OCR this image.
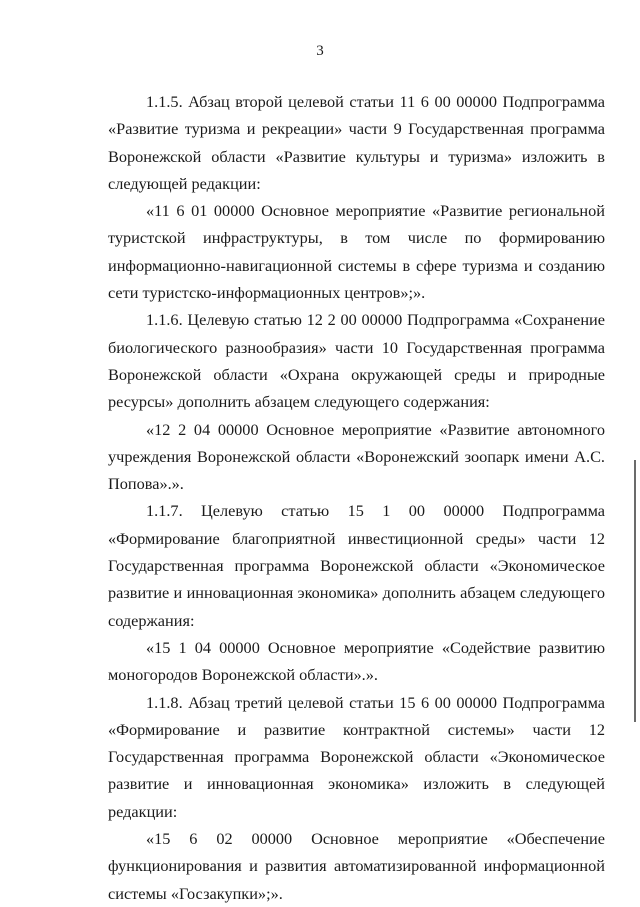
3

1.1.5. Абзац второй целевой статьи 11 6 00 00000 Подпрограмма «Развитие туризма и рекреации» части 9 Государственная программа Воронежской области «Развитие культуры и туризма» изложить в следующей редакции:

«11 6 01 00000 Основное мероприятие «Развитие региональной туристской инфраструктуры, в том числе по формированию информационно-навигационной системы в сфере туризма и созданию сети туристско-информационных центров»;».

1.1.6. Целевую статью 12 2 00 00000 Подпрограмма «Сохранение биологического разнообразия» части 10 Государственная программа Воронежской области «Охрана окружающей среды и природные ресурсы» дополнить абзацем следующего содержания:

«12 2 04 00000 Основное мероприятие «Развитие автономного учреждения Воронежской области «Воронежский зоопарк имени А.С. Попова».».

1.1.7. Целевую статью 15 1 00 00000 Подпрограмма «Формирование благоприятной инвестиционной среды» части 12 Государственная программа Воронежской области «Экономическое развитие и инновационная экономика» дополнить абзацем следующего содержания:

«15 1 04 00000 Основное мероприятие «Содействие развитию моногородов Воронежской области».».

1.1.8. Абзац третий целевой статьи 15 6 00 00000 Подпрограмма «Формирование и развитие контрактной системы» части 12 Государственная программа Воронежской области «Экономическое развитие и инновационная экономика» изложить в следующей редакции:

«15 6 02 00000 Основное мероприятие «Обеспечение функционирования и развития автоматизированной информационной системы «Госзакупки»;».
